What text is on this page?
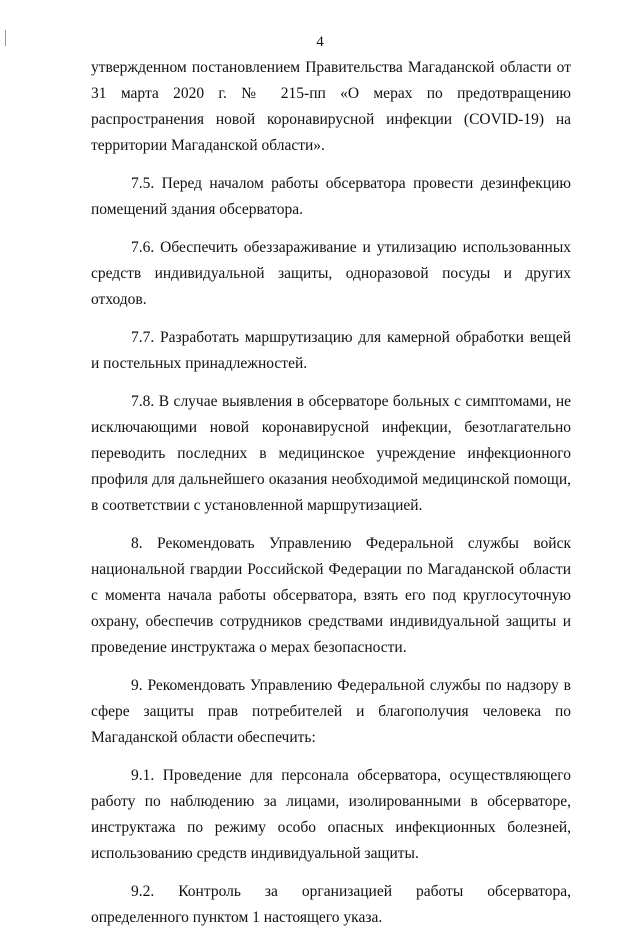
4

утвержденном постановлением Правительства Магаданской области от 31 марта 2020 г. № 215-пп «О мерах по предотвращению распространения новой коронавирусной инфекции (COVID-19) на территории Магаданской области».

7.5. Перед началом работы обсерватора провести дезинфекцию помещений здания обсерватора.

7.6. Обеспечить обеззараживание и утилизацию использованных средств индивидуальной защиты, одноразовой посуды и других отходов.

7.7. Разработать маршрутизацию для камерной обработки вещей и постельных принадлежностей.

7.8. В случае выявления в обсерваторе больных с симптомами, не исключающими новой коронавирусной инфекции, безотлагательно переводить последних в медицинское учреждение инфекционного профиля для дальнейшего оказания необходимой медицинской помощи, в соответствии с установленной маршрутизацией.

8. Рекомендовать Управлению Федеральной службы войск национальной гвардии Российской Федерации по Магаданской области с момента начала работы обсерватора, взять его под круглосуточную охрану, обеспечив сотрудников средствами индивидуальной защиты и проведение инструктажа о мерах безопасности.

9. Рекомендовать Управлению Федеральной службы по надзору в сфере защиты прав потребителей и благополучия человека по Магаданской области обеспечить:

9.1. Проведение для персонала обсерватора, осуществляющего работу по наблюдению за лицами, изолированными в обсерваторе, инструктажа по режиму особо опасных инфекционных болезней, использованию средств индивидуальной защиты.

9.2. Контроль за организацией работы обсерватора, определенного пунктом 1 настоящего указа.
